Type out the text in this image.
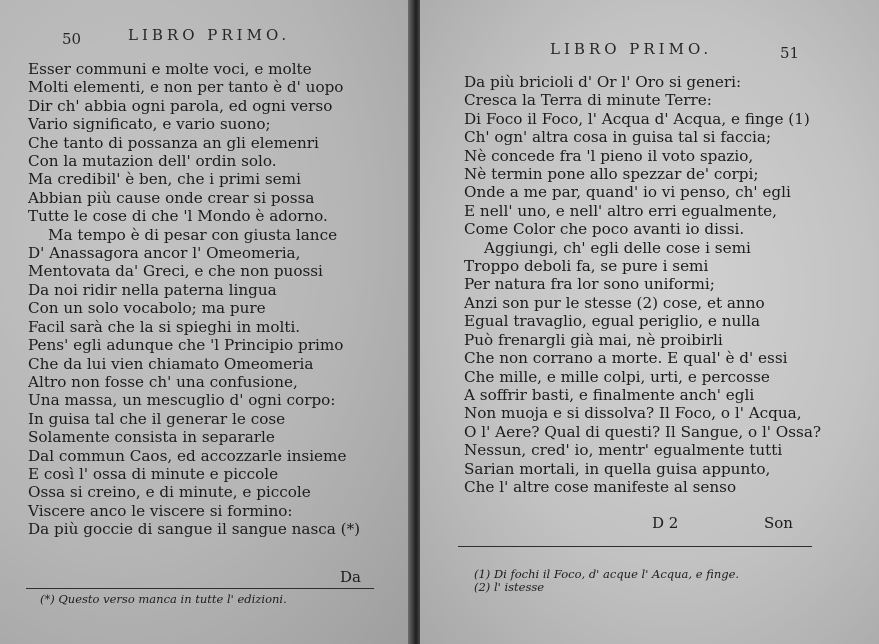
50	LIBRO PRIMO.
Esser communi e molte voci, e molte
Molti elementi, e non per tanto è d' uopo
Dir ch' abbia ogni parola, ed ogni verso
Vario significato, e vario suono;
Che tanto di possanza an gli elemenri
Con la mutazion dell' ordin solo.
Ma credibil' è ben, che i primi semi
Abbian più cause onde crear si possa
Tutte le cose di che 'l Mondo è adorno.
Ma tempo è di pesar con giusta lance
D' Anassagora ancor l' Omeomeria,
Mentovata da' Greci, e che non puossi
Da noi ridir nella paterna lingua
Con un solo vocabolo; ma pure
Facil sarà che la si spieghi in molti.
Pens' egli adunque che 'l Principio primo
Che da lui vien chiamato Omeomeria
Altro non fosse ch' una confusione,
Una massa, un mescuglio d' ogni corpo:
In guisa tal che il generar le cose
Solamente consista in separarle
Dal commun Caos, ed accozzarle insieme
E così l' ossa di minute e piccole
Ossa si creino, e di minute, e piccole
Viscere anco le viscere si formino:
Da più goccie di sangue il sangue nasca (*)
Da
(*) Questo verso manca in tutte l' edizioni.
LIBRO PRIMO.	51
Da più bricioli d' Or l' Oro si generi:
Cresca la Terra di minute Terre:
Di Foco il Foco, l' Acqua d' Acqua, e finge (1)
Ch' ogn' altra cosa in guisa tal si faccia;
Nè concede fra 'l pieno il voto spazio,
Nè termin pone allo spezzar de' corpi;
Onde a me par, quand' io vi penso, ch' egli
E nell' uno, e nell' altro erri egualmente,
Come Color che poco avanti io dissi.
Aggiungi, ch' egli delle cose i semi
Troppo deboli fa, se pure i semi
Per natura fra lor sono uniformi;
Anzi son pur le stesse (2) cose, et anno
Egual travaglio, egual periglio, e nulla
Può frenargli già mai, nè proibirli
Che non corrano a morte. E qual' è d' essi
Che mille, e mille colpi, urti, e percosse
A soffrir basti, e finalmente anch' egli
Non muoja e si dissolva? Il Foco, o l' Acqua,
O l' Aere? Qual di questi? Il Sangue, o l' Ossa?
Nessun, cred' io, mentr' egualmente tutti
Sarian mortali, in quella guisa appunto,
Che l' altre cose manifeste al senso
D 2	Son
(1) Di fochi il Foco, d' acque l' Acqua, e finge.
(2) l' istesse
